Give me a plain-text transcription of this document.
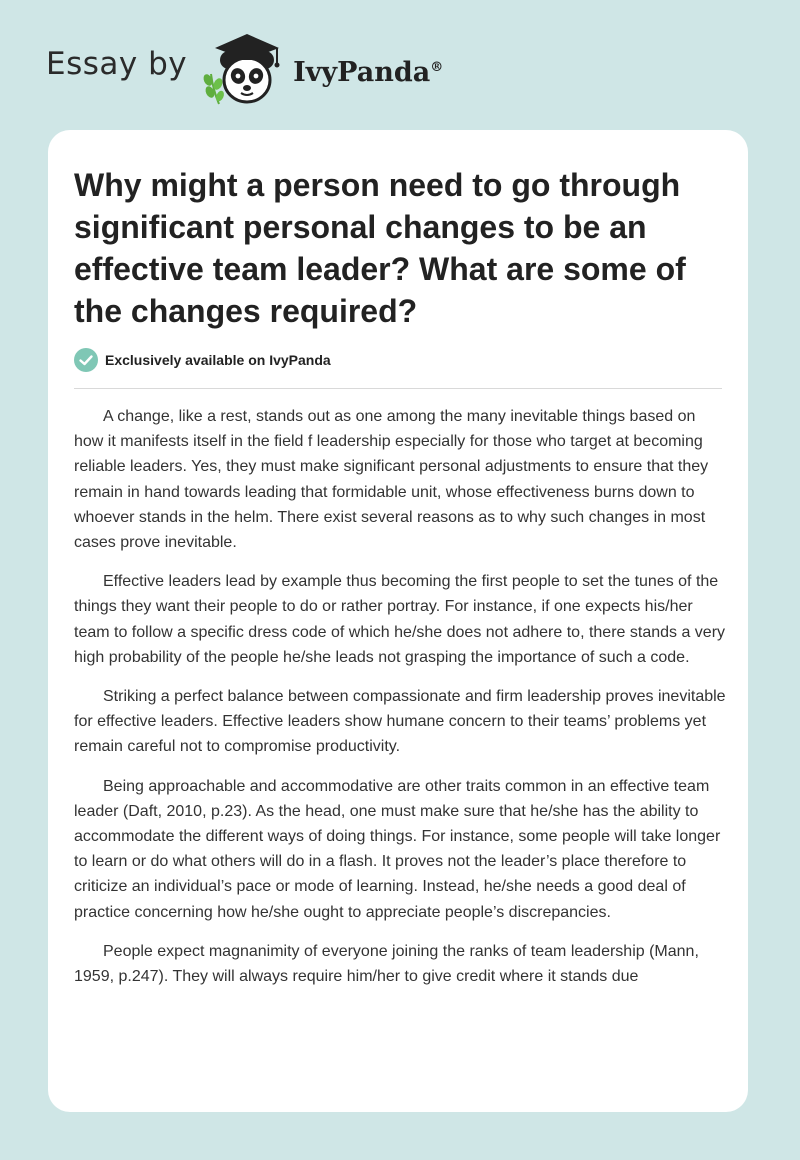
Essay by	IvyPanda®
Why might a person need to go through significant personal changes to be an effective team leader? What are some of the changes required?
Exclusively available on IvyPanda

A change, like a rest, stands out as one among the many inevitable things based on how it manifests itself in the field f leadership especially for those who target at becoming reliable leaders. Yes, they must make significant personal adjustments to ensure that they remain in hand towards leading that formidable unit, whose effectiveness burns down to whoever stands in the helm. There exist several reasons as to why such changes in most cases prove inevitable.

Effective leaders lead by example thus becoming the first people to set the tunes of the things they want their people to do or rather portray. For instance, if one expects his/her team to follow a specific dress code of which he/she does not adhere to, there stands a very high probability of the people he/she leads not grasping the importance of such a code.

Striking a perfect balance between compassionate and firm leadership proves inevitable for effective leaders. Effective leaders show humane concern to their teams’ problems yet remain careful not to compromise productivity.

Being approachable and accommodative are other traits common in an effective team leader (Daft, 2010, p.23). As the head, one must make sure that he/she has the ability to accommodate the different ways of doing things. For instance, some people will take longer to learn or do what others will do in a flash. It proves not the leader’s place therefore to criticize an individual’s pace or mode of learning. Instead, he/she needs a good deal of practice concerning how he/she ought to appreciate people’s discrepancies.

People expect magnanimity of everyone joining the ranks of team leadership (Mann, 1959, p.247). They will always require him/her to give credit where it stands due
